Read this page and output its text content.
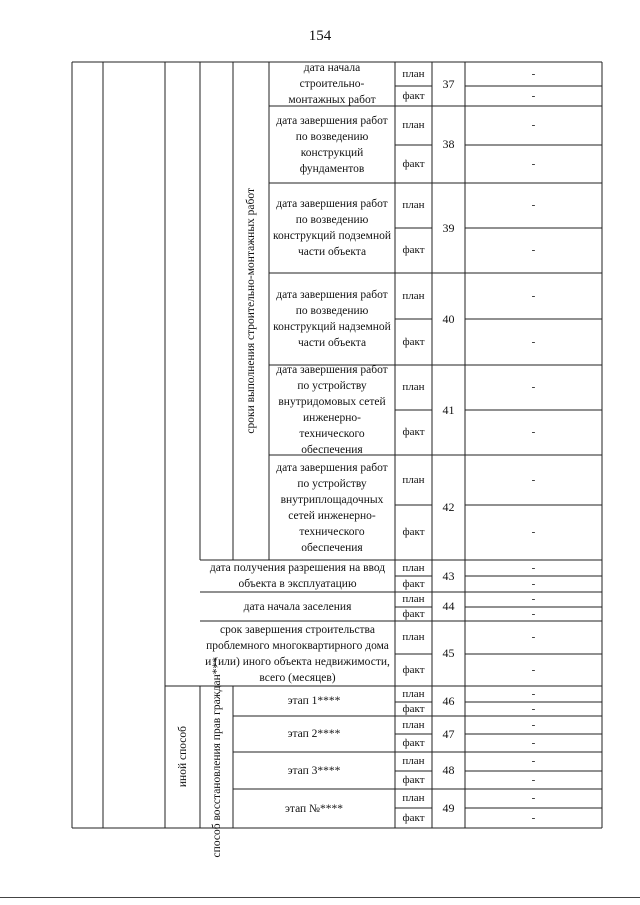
154
дата начала строительно-монтажных работ
план
факт
37
-
-
дата завершения работ по возведению конструкций фундаментов
план
факт
38
-
-
дата завершения работ по возведению конструкций подземной части объекта
план
факт
39
-
-
дата завершения работ по возведению конструкций надземной части объекта
план
факт
40
-
-
дата завершения работ по устройству внутридомовых сетей инженерно-технического обеспечения
план
факт
41
-
-
дата завершения работ по устройству внутриплощадочных сетей инженерно-технического обеспечения
план
факт
42
-
-
дата получения разрешения на ввод объекта в эксплуатацию
план
факт
43
-
-
дата начала заселения
план
факт
44	-
-
срок завершения строительства проблемного многоквартирного дома и (или) иного объекта недвижимости, всего (месяцев)
план
факт
45
-
-
этап 1****
план
факт
46	-
-
этап 2****
план
факт
47
-
-
этап 3****
план
факт
48
-
-
этап №****
план
факт
49
-
-
сроки выполнения строительно-монтажных работ
иной способ способ восстановления прав граждан***
